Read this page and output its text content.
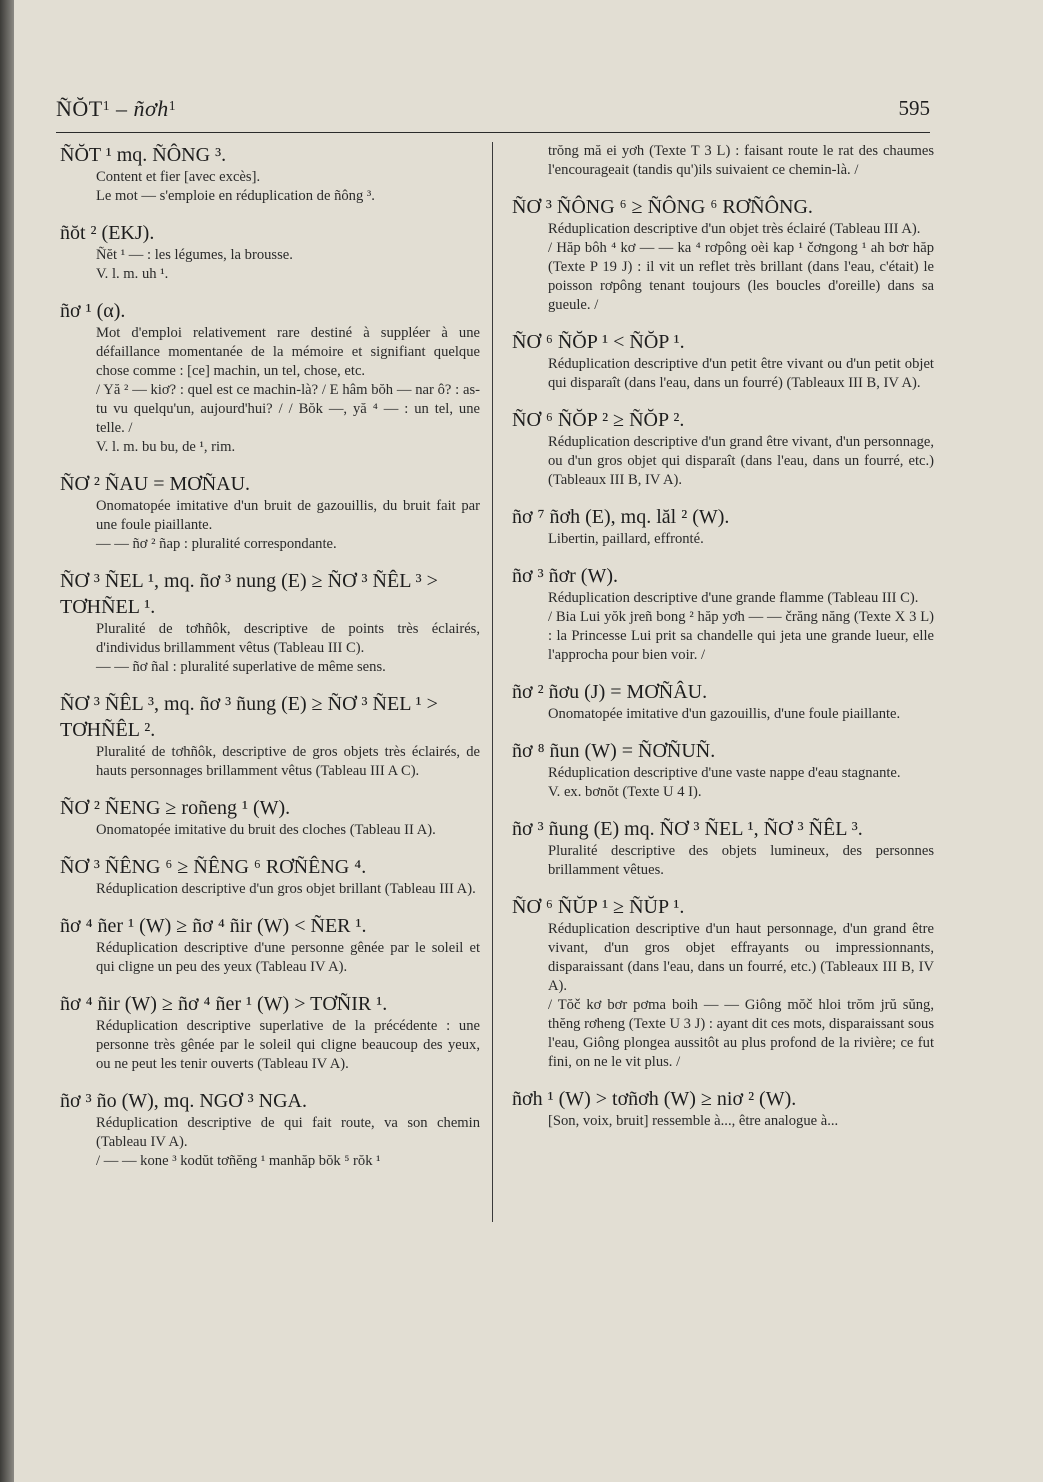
ÑŎT$^1$ – ñơh$^1$	595
ÑŎT ¹ mq. ÑÔNG ³.
Content et fier [avec excès].
Le mot — s'emploie en réduplication de ñông ³.
ñŏt ² (EKJ).
Ñĕt ¹ — : les légumes, la brousse.
V. l. m. uh ¹.
ñơ ¹ (α).
Mot d'emploi relativement rare destiné à suppléer à une défaillance momentanée de la mémoire et signifiant quelque chose comme : [ce] machin, un tel, chose, etc.
/ Yă ² — kiơ? : quel est ce machin-là? / E hâm bŏh — nar ô? : as-tu vu quelqu'un, aujourd'hui? / / Bŏk —, yă ⁴ — : un tel, une telle. /
V. l. m. bu bu, de ¹, rim.
ÑƠ ² ÑAU = MƠÑAU.
Onomatopée imitative d'un bruit de gazouillis, du bruit fait par une foule piaillante.
— — ñơ ² ñap : pluralité correspondante.
ÑƠ ³ ÑEL ¹, mq. ñơ ³ nung (E) ≥ ÑƠ ³ ÑÊL ³ > TƠHÑEL ¹.
Pluralité de tơhñôk, descriptive de points très éclairés, d'individus brillamment vêtus (Tableau III C).
— — ñơ ñal : pluralité superlative de même sens.
ÑƠ ³ ÑÊL ³, mq. ñơ ³ ñung (E) ≥ ÑƠ ³ ÑEL ¹ > TƠHÑÊL ².
Pluralité de tơhñôk, descriptive de gros objets très éclairés, de hauts personnages brillamment vêtus (Tableau III A C).
ÑƠ ² ÑENG ≥ roñeng ¹ (W).
Onomatopée imitative du bruit des cloches (Tableau II A).
ÑƠ ³ ÑÊNG ⁶ ≥ ÑÊNG ⁶ RƠÑÊNG ⁴.
Réduplication descriptive d'un gros objet brillant (Tableau III A).
ñơ ⁴ ñer ¹ (W) ≥ ñơ ⁴ ñir (W) < ÑER ¹.
Réduplication descriptive d'une personne gênée par le soleil et qui cligne un peu des yeux (Tableau IV A).
ñơ ⁴ ñir (W) ≥ ñơ ⁴ ñer ¹ (W) > TƠÑIR ¹.
Réduplication descriptive superlative de la précédente : une personne très gênée par le soleil qui cligne beaucoup des yeux, ou ne peut les tenir ouverts (Tableau IV A).
ñơ ³ ño (W), mq. NGƠ ³ NGA.
Réduplication descriptive de qui fait route, va son chemin (Tableau IV A).
/ — — kone ³ kodŭt tơñĕng ¹ manhăp bŏk ⁵ rŏk ¹
trŏng mă ei yơh (Texte T 3 L) : faisant route le rat des chaumes l'encourageait (tandis qu')ils suivaient ce chemin-là. /
ÑƠ ³ ÑÔNG ⁶ ≥ ÑÔNG ⁶ RƠÑÔNG.
Réduplication descriptive d'un objet très éclairé (Tableau III A).
/ Hăp bôh ⁴ kơ — — ka ⁴ rơpông oèi kap ¹ čơngong ¹ ah bơr hăp (Texte P 19 J) : il vit un reflet très brillant (dans l'eau, c'était) le poisson rơpông tenant toujours (les boucles d'oreille) dans sa gueule. /
ÑƠ ⁶ ÑŎP ¹ < ÑŎP ¹.
Réduplication descriptive d'un petit être vivant ou d'un petit objet qui disparaît (dans l'eau, dans un fourré) (Tableaux III B, IV A).
ÑƠ ⁶ ÑŎP ² ≥ ÑŎP ².
Réduplication descriptive d'un grand être vivant, d'un personnage, ou d'un gros objet qui disparaît (dans l'eau, dans un fourré, etc.) (Tableaux III B, IV A).
ñơ ⁷ ñơh (E), mq. lăl ² (W).
Libertin, paillard, effronté.
ñơ ³ ñơr (W).
Réduplication descriptive d'une grande flamme (Tableau III C).
/ Bia Lui yŏk jreñ bong ² hăp yơh — — črăng năng (Texte X 3 L) : la Princesse Lui prit sa chandelle qui jeta une grande lueur, elle l'approcha pour bien voir. /
ñơ ² ñơu (J) = MƠÑÂU.
Onomatopée imitative d'un gazouillis, d'une foule piaillante.
ñơ ⁸ ñun (W) = ÑƠÑUÑ.
Réduplication descriptive d'une vaste nappe d'eau stagnante.
V. ex. bơnŏt (Texte U 4 I).
ñơ ³ ñung (E) mq. ÑƠ ³ ÑEL ¹, ÑƠ ³ ÑÊL ³.
Pluralité descriptive des objets lumineux, des personnes brillamment vêtues.
ÑƠ ⁶ ÑŬP ¹ ≥ ÑŬP ¹.
Réduplication descriptive d'un haut personnage, d'un grand être vivant, d'un gros objet effrayants ou impressionnants, disparaissant (dans l'eau, dans un fourré, etc.) (Tableaux III B, IV A).
/ Tŏč kơ bơr pơma boih — — Giông mŏč hloi trŏm jrŭ sŭng, thĕng rơheng (Texte U 3 J) : ayant dit ces mots, disparaissant sous l'eau, Giông plongea aussitôt au plus profond de la rivière; ce fut fini, on ne le vit plus. /
ñơh ¹ (W) > tơñơh (W) ≥ niơ ² (W).
[Son, voix, bruit] ressemble à..., être analogue à...
